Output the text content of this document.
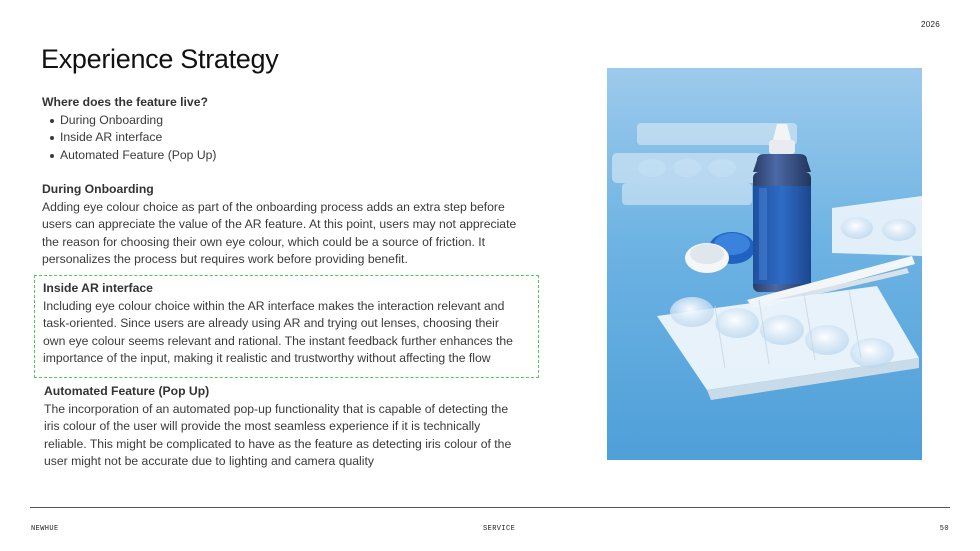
2026
Experience Strategy
Where does the feature live?
During Onboarding
Inside AR interface
Automated Feature (Pop Up)
During Onboarding
Adding eye colour choice as part of the onboarding process adds an extra step before
users can appreciate the value of the AR feature. At this point, users may not appreciate
the reason for choosing their own eye colour, which could be a source of friction. It
personalizes the process but requires work before providing benefit.
Inside AR interface
Including eye colour choice within the AR interface makes the interaction relevant and
task-oriented. Since users are already using AR and trying out lenses, choosing their
own eye colour seems relevant and rational. The instant feedback further enhances the
importance of the input, making it realistic and trustworthy without affecting the flow
Automated Feature (Pop Up)
The incorporation of an automated pop-up functionality that is capable of detecting the
iris colour of the user will provide the most seamless experience if it is technically
reliable. This might be complicated to have as the feature as detecting iris colour of the
user might not be accurate due to lighting and camera quality
NEWHUE	SERVICE	50
